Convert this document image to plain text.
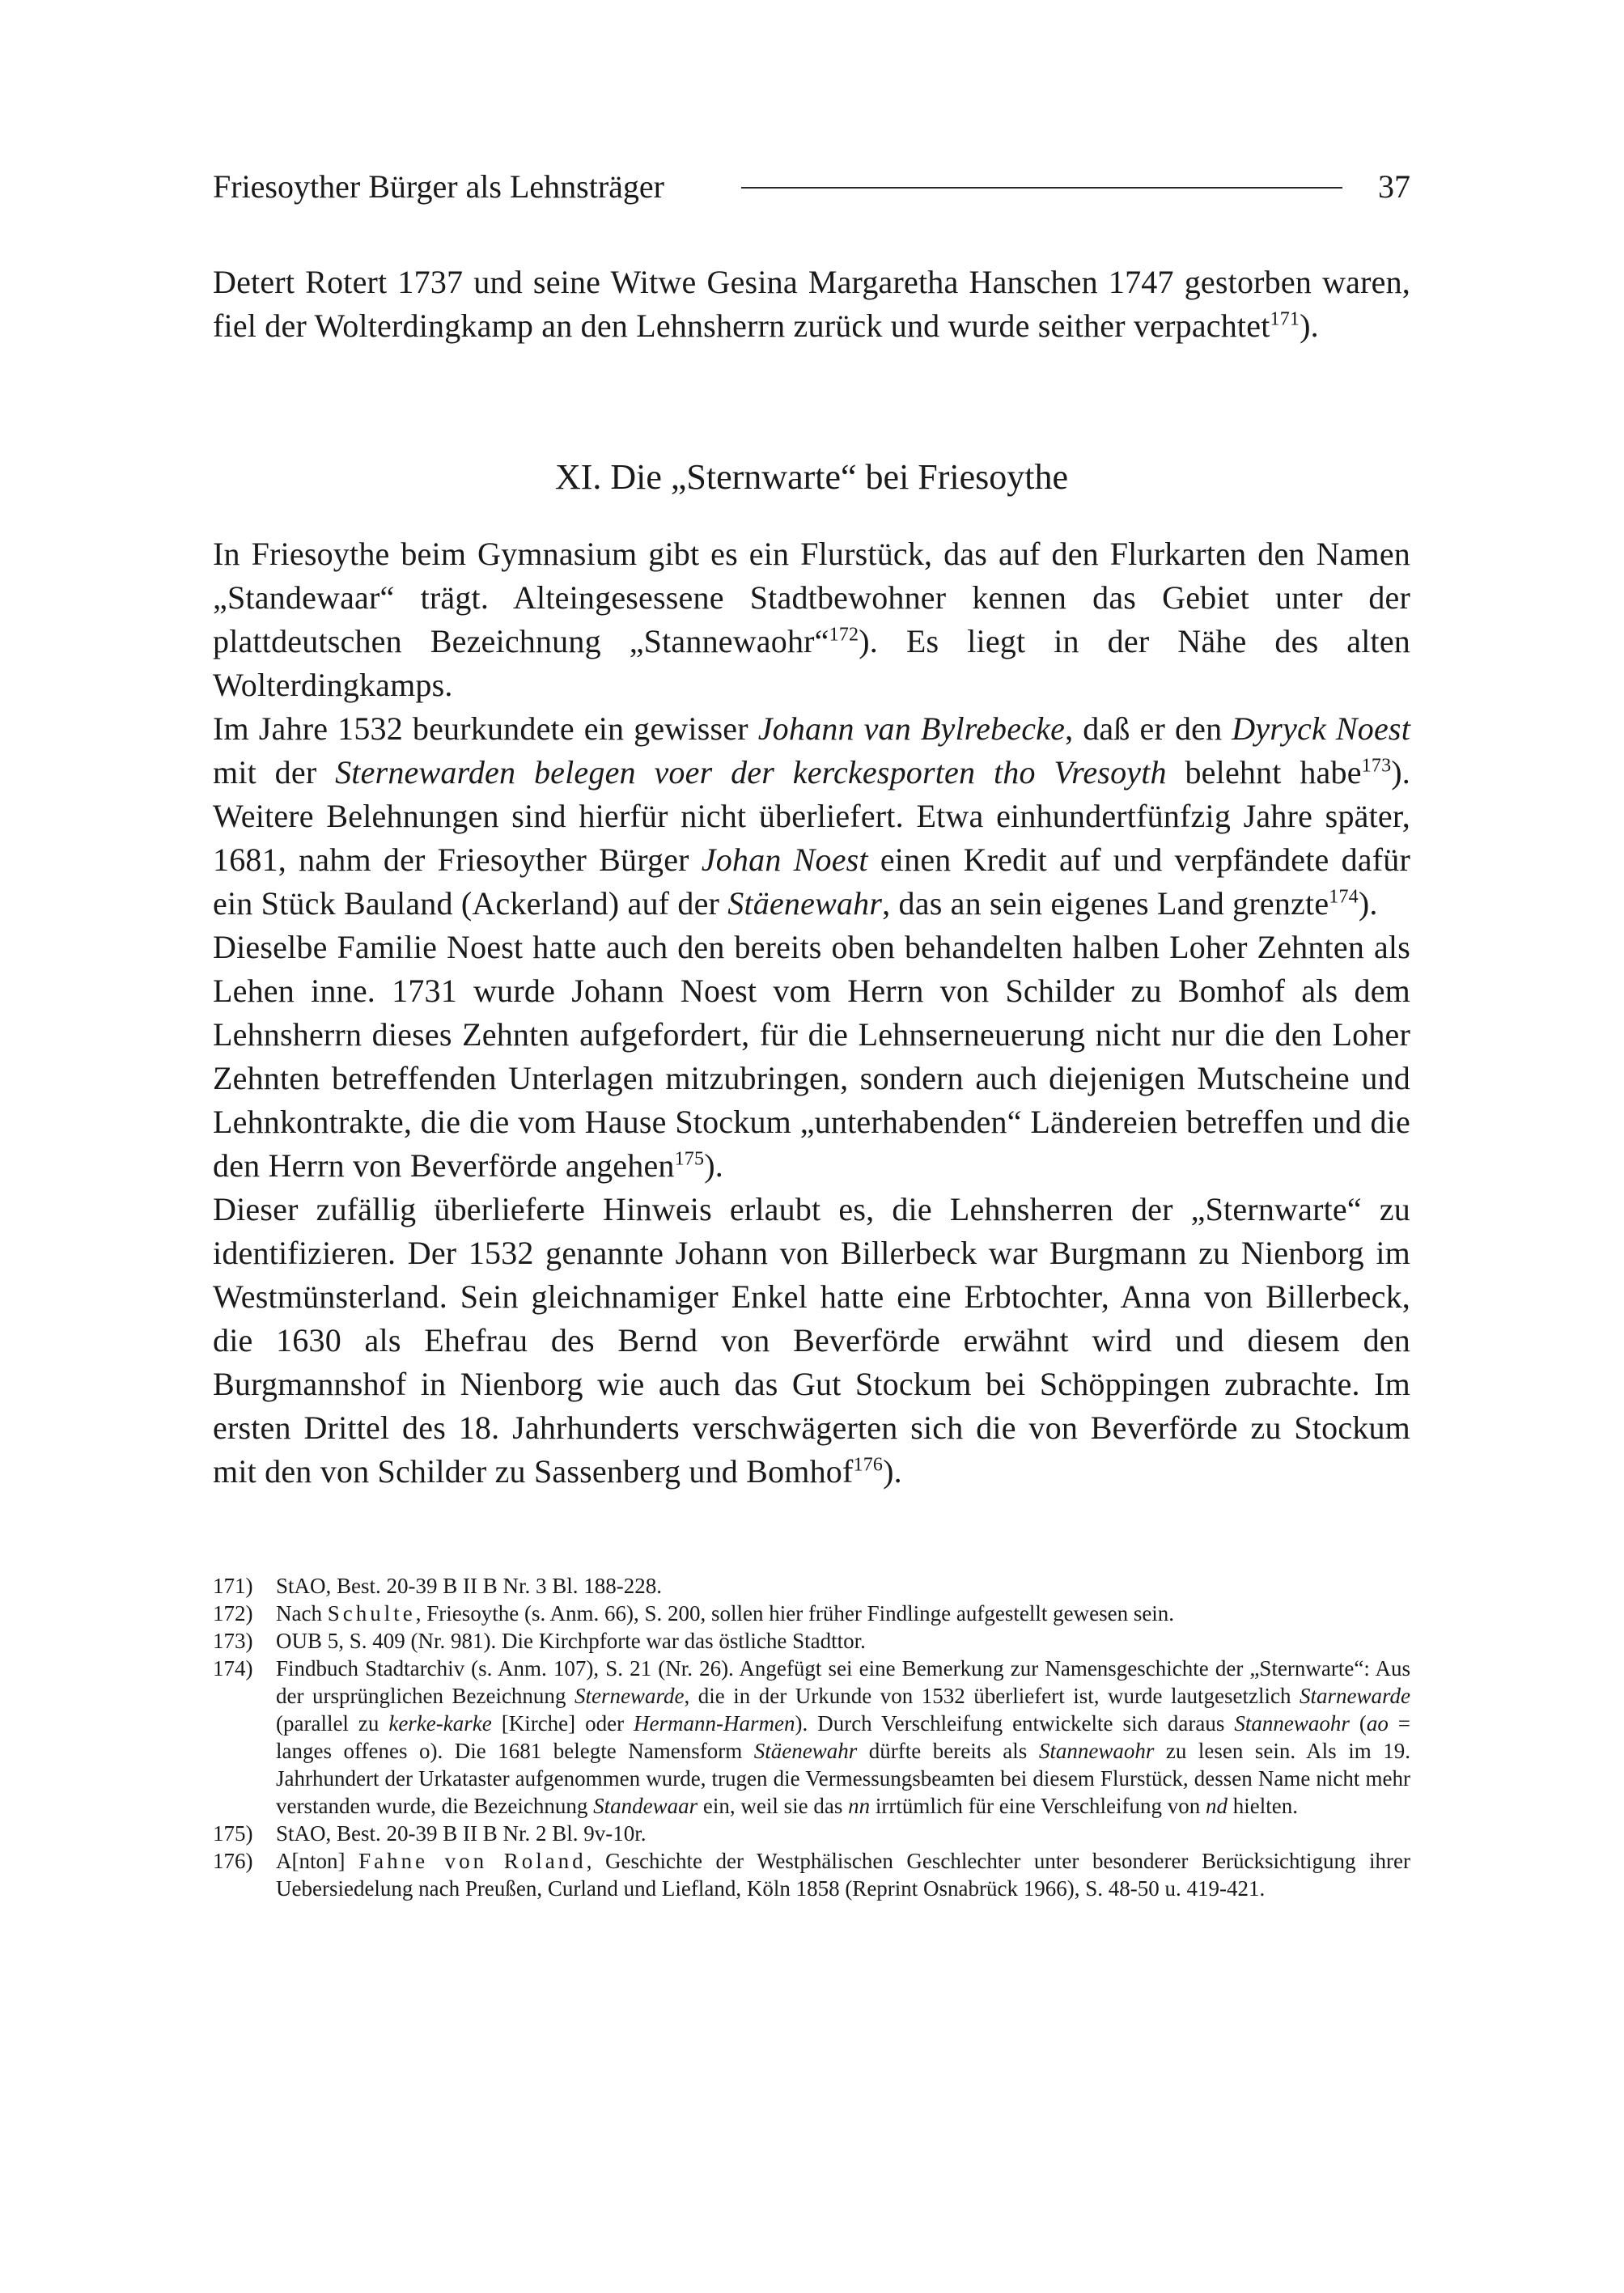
Friesoyther Bürger als Lehnsträger	37

Detert Rotert 1737 und seine Witwe Gesina Margaretha Hanschen 1747 gestorben waren, fiel der Wolterdingkamp an den Lehnsherrn zurück und wurde seither verpachtet$^{171}$).

XI. Die „Sternwarte“ bei Friesoythe

In Friesoythe beim Gymnasium gibt es ein Flurstück, das auf den Flurkarten den Namen „Standewaar“ trägt. Alteingesessene Stadtbewohner kennen das Gebiet unter der plattdeutschen Bezeichnung „Stannewaohr“$^{172}$). Es liegt in der Nähe des alten Wolterdingkamps.

Im Jahre 1532 beurkundete ein gewisser Johann van Bylrebecke, daß er den Dyryck Noest mit der Sternewarden belegen voer der kerckesporten tho Vresoyth belehnt habe$^{173}$). Weitere Belehnungen sind hierfür nicht überliefert. Etwa einhundertfünfzig Jahre später, 1681, nahm der Friesoyther Bürger Johan Noest einen Kredit auf und verpfändete dafür ein Stück Bauland (Ackerland) auf der Stäenewahr, das an sein eigenes Land grenzte$^{174}$).

Dieselbe Familie Noest hatte auch den bereits oben behandelten halben Loher Zehnten als Lehen inne. 1731 wurde Johann Noest vom Herrn von Schilder zu Bomhof als dem Lehnsherrn dieses Zehnten aufgefordert, für die Lehnserneuerung nicht nur die den Loher Zehnten betreffenden Unterlagen mitzubringen, sondern auch diejenigen Mutscheine und Lehnkontrakte, die die vom Hause Stockum „unterhabenden“ Ländereien betreffen und die den Herrn von Beverförde angehen$^{175}$).

Dieser zufällig überlieferte Hinweis erlaubt es, die Lehnsherren der „Sternwarte“ zu identifizieren. Der 1532 genannte Johann von Billerbeck war Burgmann zu Nienborg im Westmünsterland. Sein gleichnamiger Enkel hatte eine Erbtochter, Anna von Billerbeck, die 1630 als Ehefrau des Bernd von Beverförde erwähnt wird und diesem den Burgmannshof in Nienborg wie auch das Gut Stockum bei Schöppingen zubrachte. Im ersten Drittel des 18. Jahrhunderts verschwägerten sich die von Beverförde zu Stockum mit den von Schilder zu Sassenberg und Bomhof$^{176}$).

171)	StAO, Best. 20-39 B II B Nr. 3 Bl. 188-228.
172)	Nach Schulte, Friesoythe (s. Anm. 66), S. 200, sollen hier früher Findlinge aufgestellt gewesen sein.
173)	OUB 5, S. 409 (Nr. 981). Die Kirchpforte war das östliche Stadttor.
174)	Findbuch Stadtarchiv (s. Anm. 107), S. 21 (Nr. 26). Angefügt sei eine Bemerkung zur Namensgeschichte der „Sternwarte“: Aus der ursprünglichen Bezeichnung Sternewarde, die in der Urkunde von 1532 überliefert ist, wurde lautgesetzlich Starnewarde (parallel zu kerke-karke [Kirche] oder Hermann-Harmen). Durch Verschleifung entwickelte sich daraus Stannewaohr (ao = langes offenes o). Die 1681 belegte Namensform Stäenewahr dürfte bereits als Stannewaohr zu lesen sein. Als im 19. Jahrhundert der Urkataster aufgenommen wurde, trugen die Vermessungsbeamten bei diesem Flurstück, dessen Name nicht mehr verstanden wurde, die Bezeichnung Standewaar ein, weil sie das nn irrtümlich für eine Verschleifung von nd hielten.
175)	StAO, Best. 20-39 B II B Nr. 2 Bl. 9v-10r.
176)	A[nton] Fahne von Roland, Geschichte der Westphälischen Geschlechter unter besonderer Berücksichtigung ihrer Uebersiedelung nach Preußen, Curland und Liefland, Köln 1858 (Reprint Osnabrück 1966), S. 48-50 u. 419-421.
